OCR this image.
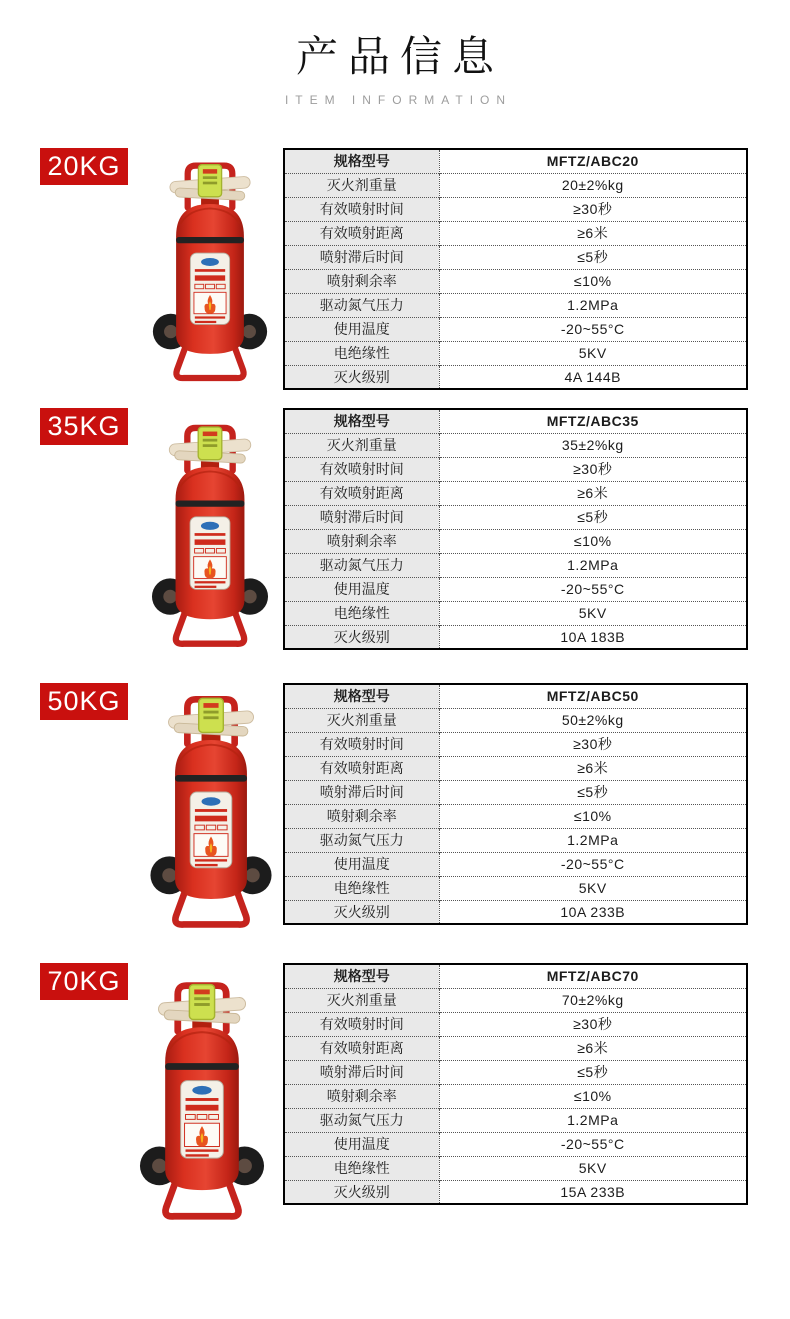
产品信息
ITEM INFORMATION
20KG	规格型号	MFTZ/ABC20
灭火剂重量	20±2%kg
有效喷射时间	≥30秒
有效喷射距离	≥6米
喷射滞后时间	≤5秒
喷射剩余率	≤10%
驱动氮气压力	1.2MPa
使用温度	-20~55°C
电绝缘性	5KV
灭火级别	4A 144B
35KG	规格型号	MFTZ/ABC35
灭火剂重量	35±2%kg
有效喷射时间	≥30秒
有效喷射距离	≥6米
喷射滞后时间	≤5秒
喷射剩余率	≤10%
驱动氮气压力	1.2MPa
使用温度	-20~55°C
电绝缘性	5KV
灭火级别	10A 183B
50KG	规格型号	MFTZ/ABC50
灭火剂重量	50±2%kg
有效喷射时间	≥30秒
有效喷射距离	≥6米
喷射滞后时间	≤5秒
喷射剩余率	≤10%
驱动氮气压力	1.2MPa
使用温度	-20~55°C
电绝缘性	5KV
灭火级别	10A 233B
70KG	规格型号	MFTZ/ABC70
灭火剂重量	70±2%kg
有效喷射时间	≥30秒
有效喷射距离	≥6米
喷射滞后时间	≤5秒
喷射剩余率	≤10%
驱动氮气压力	1.2MPa
使用温度	-20~55°C
电绝缘性	5KV
灭火级别	15A 233B
